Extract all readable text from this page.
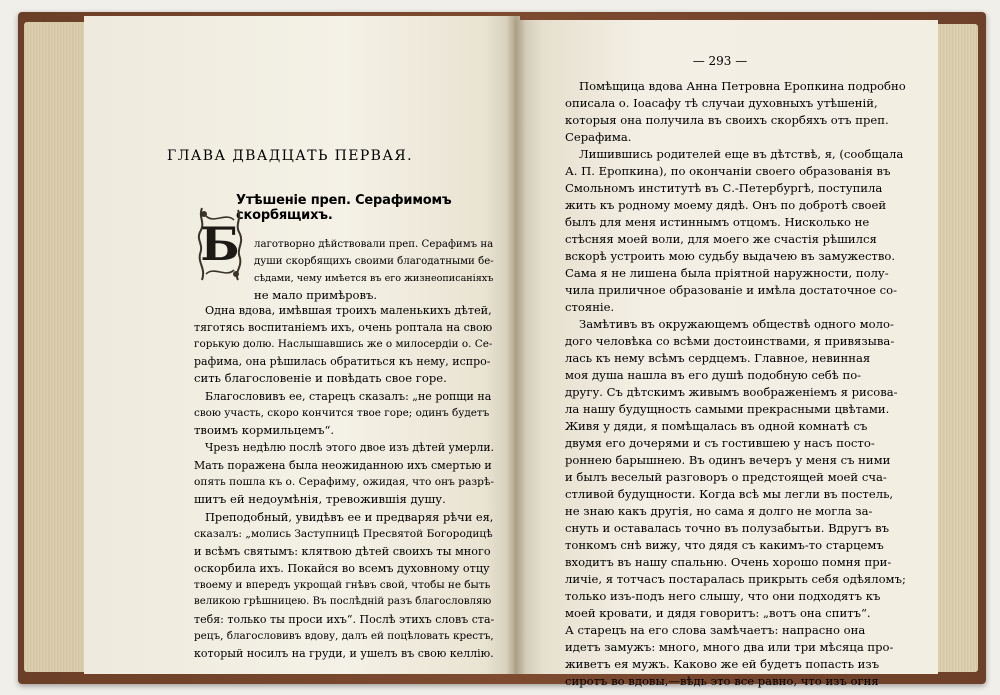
ГЛАВА ДВАДЦАТЬ ПЕРВАЯ.
Утѣшеніе преп. Серафимомъ скорбящихъ.
Б лаготворно дѣйствовали преп. Серафимъ на
души скорбящихъ своими благодатными бе-
сѣдами, чему имѣется въ его жизнеописаніяхъ
не мало примѣровъ.
Одна вдова, имѣвшая троихъ маленькихъ дѣтей,
тяготясь воспитаніемъ ихъ, очень роптала на свою
горькую долю. Наслышавшись же о милосердіи о. Се-
рафима, она рѣшилась обратиться къ нему, испро-
сить благословеніе и повѣдать свое горе.
Благословивъ ее, старецъ сказалъ: „не ропщи на
свою участь, скоро кончится твое горе; одинъ будетъ
твоимъ кормильцемъ“.
Чрезъ недѣлю послѣ этого двое изъ дѣтей умерли.
Мать поражена была неожиданною ихъ смертью и
опять пошла къ о. Серафиму, ожидая, что онъ разрѣ-
шитъ ей недоумѣнія, тревожившія душу.
Преподобный, увидѣвъ ее и предваряя рѣчи ея,
сказалъ: „молись Заступницѣ Пресвятой Богородицѣ
и всѣмъ святымъ: клятвою дѣтей своихъ ты много
оскорбила ихъ. Покайся во всемъ духовному отцу
твоему и впередъ укрощай гнѣвъ свой, чтобы не быть
великою грѣшницею. Въ послѣдній разъ благословляю
тебя: только ты проси ихъ“. Послѣ этихъ словъ ста-
рецъ, благословивъ вдову, далъ ей поцѣловать крестъ,
который носилъ на груди, и ушелъ въ свою келлію.
— 293 —
Помѣщица вдова Анна Петровна Еропкина подробно
описала о. Іоасафу тѣ случаи духовныхъ утѣшеній,
которыя она получила въ своихъ скорбяхъ отъ преп.
Серафима.
Лишившись родителей еще въ дѣтствѣ, я, (сообщала
А. П. Еропкина), по окончаніи своего образованія въ
Смольномъ институтѣ въ С.-Петербургѣ, поступила
жить къ родному моему дядѣ. Онъ по добротѣ своей
былъ для меня истиннымъ отцомъ. Нисколько не
стѣсняя моей воли, для моего же счастія рѣшился
вскорѣ устроить мою судьбу выдачею въ замужество.
Сама я не лишена была пріятной наружности, полу-
чила приличное образованіе и имѣла достаточное со-
стояніе.
Замѣтивъ въ окружающемъ обществѣ одного моло-
дого человѣка со всѣми достоинствами, я привязыва-
лась къ нему всѣмъ сердцемъ. Главное, невинная
моя душа нашла въ его душѣ подобную себѣ по-
другу. Съ дѣтскимъ живымъ воображеніемъ я рисова-
ла нашу будущность самыми прекрасными цвѣтами.
Живя у дяди, я помѣщалась въ одной комнатѣ съ
двумя его дочерями и съ гостившею у насъ посто-
роннею барышнею. Въ одинъ вечеръ у меня съ ними
и былъ веселый разговоръ о предстоящей моей сча-
стливой будущности. Когда всѣ мы легли въ постель,
не знаю какъ другія, но сама я долго не могла за-
снуть и оставалась точно въ полузабытьи. Вдругъ въ
тонкомъ снѣ вижу, что дядя съ какимъ-то старцемъ
входитъ въ нашу спальню. Очень хорошо помня при-
личіе, я тотчасъ постаралась прикрыть себя одѣяломъ;
только изъ-подъ него слышу, что они подходятъ къ
моей кровати, и дядя говоритъ: „вотъ она спитъ“.
А старецъ на его слова замѣчаетъ: напрасно она
идетъ замужъ: много, много два или три мѣсяца про-
живетъ ея мужъ. Каково же ей будетъ попасть изъ
сиротъ во вдовы,—вѣдь это все равно, что изъ огня
